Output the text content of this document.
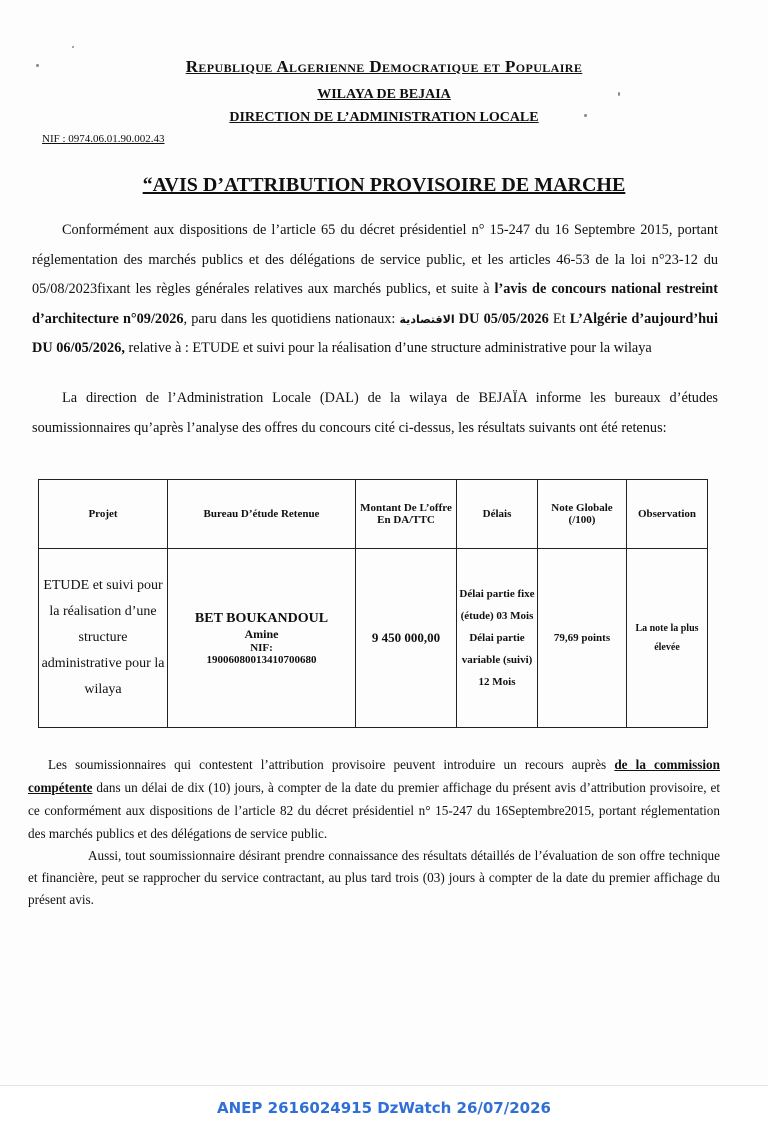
Republique Algerienne Democratique et Populaire
WILAYA DE BEJAIA
DIRECTION DE L’ADMINISTRATION LOCALE
NIF : 0974.06.01.90.002.43
“AVIS D’ATTRIBUTION PROVISOIRE DE MARCHE
Conformément aux dispositions de l’article 65 du décret présidentiel n° 15-247 du 16 Septembre 2015, portant réglementation des marchés publics et des délégations de service public, et les articles 46-53 de la loi n°23-12 du 05/08/2023fixant les règles générales relatives aux marchés publics, et suite à l’avis de concours national restreint d’architecture n°09/2026, paru dans les quotidiens nationaux: الاقتصادية DU 05/05/2026 Et L’Algérie d’aujourd’hui DU 06/05/2026, relative à : ETUDE et suivi pour la réalisation d’une structure administrative pour la wilaya
La direction de l’Administration Locale (DAL) de la wilaya de BEJAÏA informe les bureaux d’études soumissionnaires qu’après l’analyse des offres du concours cité ci-dessus, les résultats suivants ont été retenus:
Projet	Bureau D’étude Retenue	Montant De L’offre En DA/TTC	Délais	Note Globale (/100)	Observation
ETUDE et suivi pour la réalisation d’une structure administrative pour la wilaya	BET BOUKANDOUL
Amine
NIF:
19006080013410700680	9 450 000,00	Délai partie fixe (étude) 03 Mois Délai partie variable (suivi) 12 Mois	79,69 points	La note la plus élevée
Les soumissionnaires qui contestent l’attribution provisoire peuvent introduire un recours auprès de la commission compétente dans un délai de dix (10) jours, à compter de la date du premier affichage du présent avis d’attribution provisoire, et ce conformément aux dispositions de l’article 82 du décret présidentiel n° 15-247 du 16Septembre2015, portant réglementation des marchés publics et des délégations de service public.
Aussi, tout soumissionnaire désirant prendre connaissance des résultats détaillés de l’évaluation de son offre technique et financière, peut se rapprocher du service contractant, au plus tard trois (03) jours à compter de la date du premier affichage du présent avis.
ANEP 2616024915 DzWatch 26/07/2026
